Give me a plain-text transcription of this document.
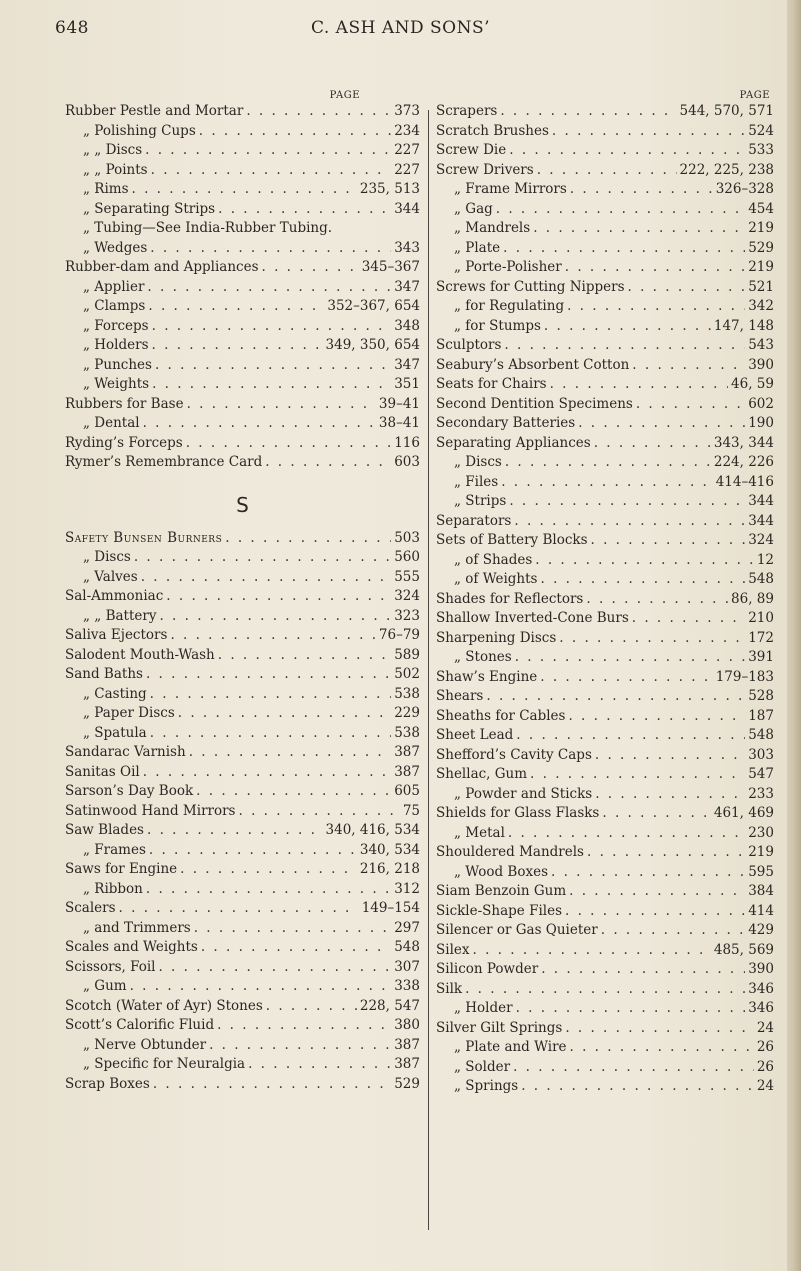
648	C. ASH AND SONS’
PAGE
Rubber Pestle and Mortar . . .	373
„ Polishing Cups . . .	234
„ „ Discs . . .	227
„ „ Points . . .	227
„ Rims . . .	235, 513
„ Separating Strips . . .	344
„ Tubing—See India-Rubber Tubing.
„ Wedges . . .	343
Rubber-dam and Appliances . . .	345–367
„ Applier . . .	347
„ Clamps . . .	352–367, 654
„ Forceps . . .	348
„ Holders . . .	349, 350, 654
„ Punches . . .	347
„ Weights . . .	351
Rubbers for Base . . .	39–41
„ Dental . . .	38–41
Ryding’s Forceps . . .	116
Rymer’s Remembrance Card . . .	603
S
Safety Bunsen Burners . . .	503
„ Discs . . .	560
„ Valves . . .	555
Sal-Ammoniac . . .	324
„ „ Battery . . .	323
Saliva Ejectors . . .	76–79
Salodent Mouth-Wash . . .	589
Sand Baths . . .	502
„ Casting . . .	538
„ Paper Discs . . .	229
„ Spatula . . .	538
Sandarac Varnish . . .	387
Sanitas Oil . . .	387
Sarson’s Day Book . . .	605
Satinwood Hand Mirrors . . .	75
Saw Blades . . .	340, 416, 534
„ Frames . . .	340, 534
Saws for Engine . . .	216, 218
„ Ribbon . . .	312
Scalers . . .	149–154
„ and Trimmers . . .	297
Scales and Weights . . .	548
Scissors, Foil . . .	307
„ Gum . . .	338
Scotch (Water of Ayr) Stones . . .	228, 547
Scott’s Calorific Fluid . . .	380
„ Nerve Obtunder . . .	387
„ Specific for Neuralgia . . .	387
Scrap Boxes . . .	529
PAGE
Scrapers . . .	544, 570, 571
Scratch Brushes . . .	524
Screw Die . . .	533
Screw Drivers . . .	222, 225, 238
„ Frame Mirrors . . .	326–328
„ Gag . . .	454
„ Mandrels . . .	219
„ Plate . . .	529
„ Porte-Polisher . . .	219
Screws for Cutting Nippers . . .	521
„ for Regulating . . .	342
„ for Stumps . . .	147, 148
Sculptors . . .	543
Seabury’s Absorbent Cotton . . .	390
Seats for Chairs . . .	46, 59
Second Dentition Specimens . . .	602
Secondary Batteries . . .	190
Separating Appliances . . .	343, 344
„ Discs . . .	224, 226
„ Files . . .	414–416
„ Strips . . .	344
Separators . . .	344
Sets of Battery Blocks . . .	324
„ of Shades . . .	12
„ of Weights . . .	548
Shades for Reflectors . . .	86, 89
Shallow Inverted-Cone Burs . . .	210
Sharpening Discs . . .	172
„ Stones . . .	391
Shaw’s Engine . . .	179–183
Shears . . .	528
Sheaths for Cables . . .	187
Sheet Lead . . .	548
Shefford’s Cavity Caps . . .	303
Shellac, Gum . . .	547
„ Powder and Sticks . . .	233
Shields for Glass Flasks . . .	461, 469
„ Metal . . .	230
Shouldered Mandrels . . .	219
„ Wood Boxes . . .	595
Siam Benzoin Gum . . .	384
Sickle-Shape Files . . .	414
Silencer or Gas Quieter . . .	429
Silex . . .	485, 569
Silicon Powder . . .	390
Silk . . .	346
„ Holder . . .	346
Silver Gilt Springs . . .	24
„ Plate and Wire . . .	26
„ Solder . . .	26
„ Springs . . .	24
